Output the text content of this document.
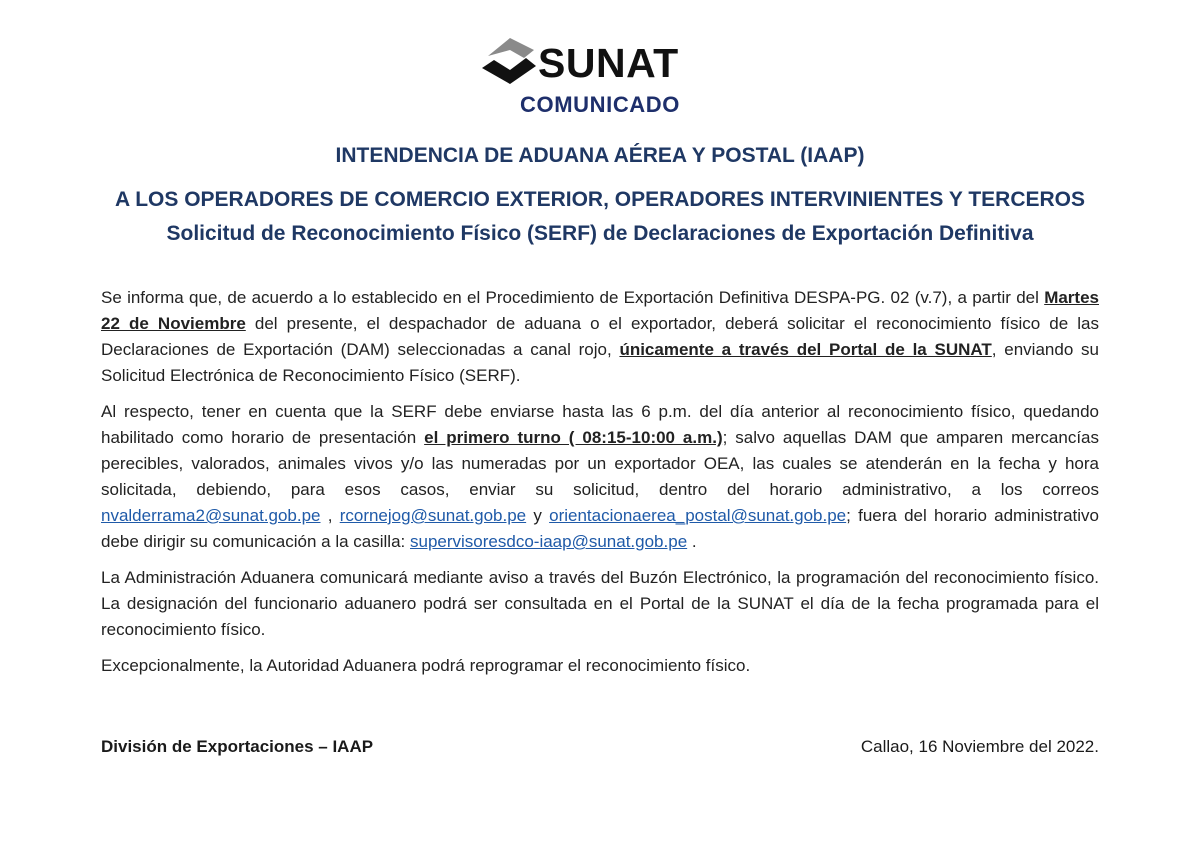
SUNAT
COMUNICADO
INTENDENCIA DE ADUANA AÉREA Y POSTAL (IAAP)
A LOS OPERADORES DE COMERCIO EXTERIOR, OPERADORES INTERVINIENTES Y TERCEROS
Solicitud de Reconocimiento Físico (SERF) de Declaraciones de Exportación Definitiva

Se informa que, de acuerdo a lo establecido en el Procedimiento de Exportación Definitiva DESPA-PG. 02 (v.7), a partir del Martes 22 de Noviembre del presente, el despachador de aduana o el exportador, deberá solicitar el reconocimiento físico de las Declaraciones de Exportación (DAM) seleccionadas a canal rojo, únicamente a través del Portal de la SUNAT, enviando su Solicitud Electrónica de Reconocimiento Físico (SERF).

Al respecto, tener en cuenta que la SERF debe enviarse hasta las 6 p.m. del día anterior al reconocimiento físico, quedando habilitado como horario de presentación el primero turno ( 08:15-10:00 a.m.); salvo aquellas DAM que amparen mercancías perecibles, valorados, animales vivos y/o las numeradas por un exportador OEA, las cuales se atenderán en la fecha y hora solicitada, debiendo, para esos casos, enviar su solicitud, dentro del horario administrativo, a los correos nvalderrama2@sunat.gob.pe , rcornejog@sunat.gob.pe y orientacionaerea_postal@sunat.gob.pe; fuera del horario administrativo debe dirigir su comunicación a la casilla: supervisoresdco-iaap@sunat.gob.pe .

La Administración Aduanera comunicará mediante aviso a través del Buzón Electrónico, la programación del reconocimiento físico. La designación del funcionario aduanero podrá ser consultada en el Portal de la SUNAT el día de la fecha programada para el reconocimiento físico.

Excepcionalmente, la Autoridad Aduanera podrá reprogramar el reconocimiento físico.

División de Exportaciones – IAAP	Callao, 16 Noviembre del 2022.
